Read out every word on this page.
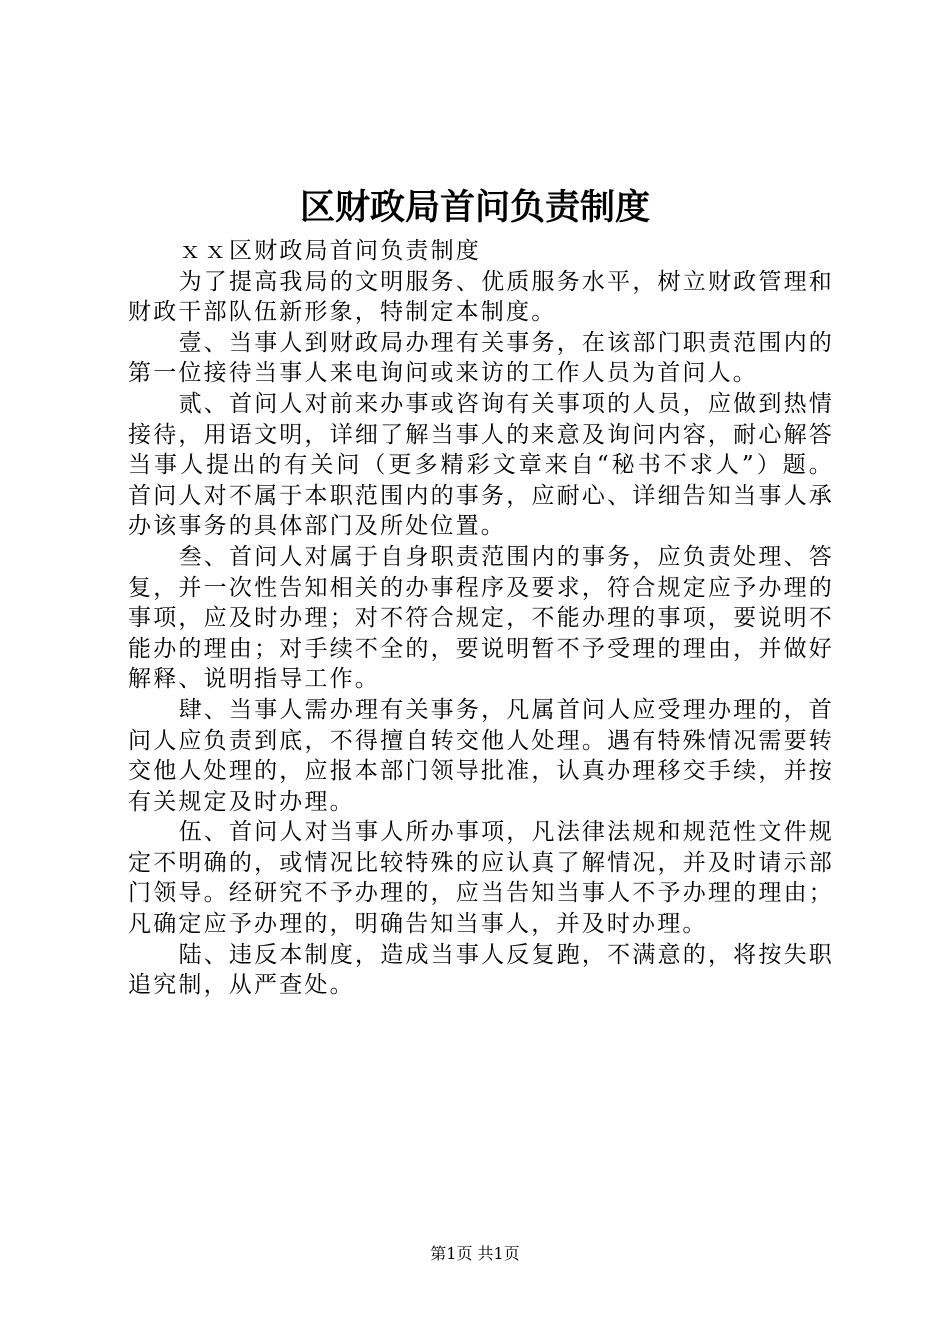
区财政局首问负责制度

ｘｘ区财政局首问负责制度

为了提高我局的文明服务、优质服务水平，树立财政管理和财政干部队伍新形象，特制定本制度。

壹、当事人到财政局办理有关事务，在该部门职责范围内的第一位接待当事人来电询问或来访的工作人员为首问人。

贰、首问人对前来办事或咨询有关事项的人员，应做到热情接待，用语文明，详细了解当事人的来意及询问内容，耐心解答当事人提出的有关问（更多精彩文章来自“秘书不求人”）题。首问人对不属于本职范围内的事务，应耐心、详细告知当事人承办该事务的具体部门及所处位置。

叁、首问人对属于自身职责范围内的事务，应负责处理、答复，并一次性告知相关的办事程序及要求，符合规定应予办理的事项，应及时办理；对不符合规定，不能办理的事项，要说明不能办的理由；对手续不全的，要说明暂不予受理的理由，并做好解释、说明指导工作。

肆、当事人需办理有关事务，凡属首问人应受理办理的，首问人应负责到底，不得擅自转交他人处理。遇有特殊情况需要转交他人处理的，应报本部门领导批准，认真办理移交手续，并按有关规定及时办理。

伍、首问人对当事人所办事项，凡法律法规和规范性文件规定不明确的，或情况比较特殊的应认真了解情况，并及时请示部门领导。经研究不予办理的，应当告知当事人不予办理的理由；凡确定应予办理的，明确告知当事人，并及时办理。

陆、违反本制度，造成当事人反复跑，不满意的，将按失职追究制，从严查处。

第1页 共1页
